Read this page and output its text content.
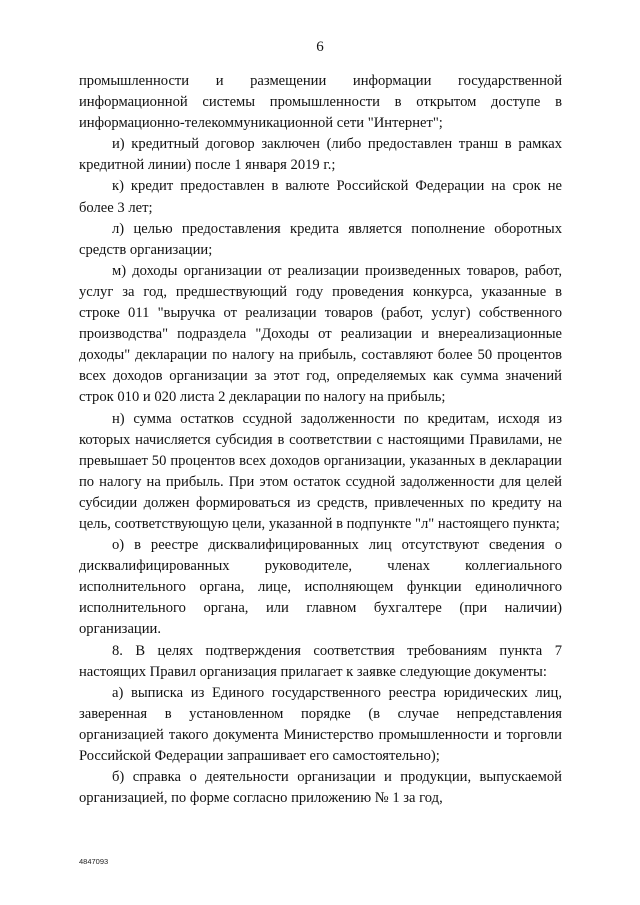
6

промышленности и размещении информации государственной информационной системы промышленности в открытом доступе в информационно-телекоммуникационной сети "Интернет";

и) кредитный договор заключен (либо предоставлен транш в рамках кредитной линии) после 1 января 2019 г.;

к) кредит предоставлен в валюте Российской Федерации на срок не более 3 лет;

л) целью предоставления кредита является пополнение оборотных средств организации;

м) доходы организации от реализации произведенных товаров, работ, услуг за год, предшествующий году проведения конкурса, указанные в строке 011 "выручка от реализации товаров (работ, услуг) собственного производства" подраздела "Доходы от реализации и внереализационные доходы" декларации по налогу на прибыль, составляют более 50 процентов всех доходов организации за этот год, определяемых как сумма значений строк 010 и 020 листа 2 декларации по налогу на прибыль;

н) сумма остатков ссудной задолженности по кредитам, исходя из которых начисляется субсидия в соответствии с настоящими Правилами, не превышает 50 процентов всех доходов организации, указанных в декларации по налогу на прибыль. При этом остаток ссудной задолженности для целей субсидии должен формироваться из средств, привлеченных по кредиту на цель, соответствующую цели, указанной в подпункте "л" настоящего пункта;

о) в реестре дисквалифицированных лиц отсутствуют сведения о дисквалифицированных руководителе, членах коллегиального исполнительного органа, лице, исполняющем функции единоличного исполнительного органа, или главном бухгалтере (при наличии) организации.

8. В целях подтверждения соответствия требованиям пункта 7 настоящих Правил организация прилагает к заявке следующие документы:

а) выписка из Единого государственного реестра юридических лиц, заверенная в установленном порядке (в случае непредставления организацией такого документа Министерство промышленности и торговли Российской Федерации запрашивает его самостоятельно);

б) справка о деятельности организации и продукции, выпускаемой организацией, по форме согласно приложению № 1 за год,

4847093
